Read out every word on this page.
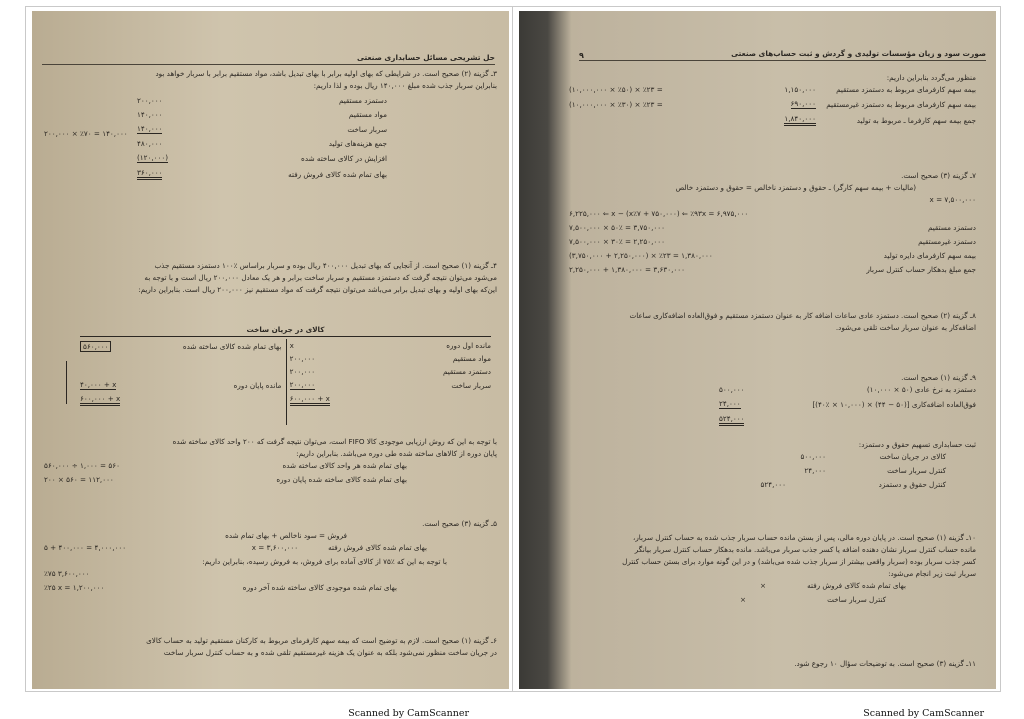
حل تشریحی مسائل حسابداری صنعتی
۳ـ گزینه (۲) صحیح است. در شرایطی که بهای اولیه برابر با بهای تبدیل باشد، مواد مستقیم برابر با سربار خواهد بود
بنابراین سربار جذب شده مبلغ ۱۴۰,۰۰۰ ریال بوده و لذا داریم:
دستمزد مستقیم
۲۰۰,۰۰۰
مواد مستقیم
۱۴۰,۰۰۰
سربار ساخت
۱۴۰,۰۰۰
جمع هزینه‌های تولید
۴۸۰,۰۰۰
افزایش در کالای ساخته شده
(۱۲۰,۰۰۰)
بهای تمام شده کالای فروش رفته
۳۶۰,۰۰۰
۲۰۰,۰۰۰ × ٪۷۰ = ۱۴۰,۰۰۰
۴ـ گزینه (۱) صحیح است. از آنجایی که بهای تبدیل ۴۰۰,۰۰۰ ریال بوده و سربار براساس ٪۱۰۰ دستمزد مستقیم جذب
می‌شود می‌توان نتیجه گرفت که دستمزد مستقیم و سربار ساخت برابر و هر یک معادل ۲۰۰,۰۰۰ ریال است و با توجه به
این‌که بهای اولیه و بهای تبدیل برابر می‌باشد می‌توان نتیجه گرفت که مواد مستقیم نیز ۲۰۰,۰۰۰ ریال است. بنابراین داریم:
کالای در جریان ساخت
مانده اول دوره
x
مواد مستقیم
۲۰۰,۰۰۰
دستمزد مستقیم
۲۰۰,۰۰۰
سربار ساخت
۲۰۰,۰۰۰
۶۰۰,۰۰۰ + x
بهای تمام شده کالای ساخته شده
۵۶۰,۰۰۰
مانده پایان دوره
۴۰,۰۰۰ + x
۶۰۰,۰۰۰ + x
با توجه به این که روش ارزیابی موجودی کالا FIFO است، می‌توان نتیجه گرفت که ۲۰۰ واحد کالای ساخته شده
پایان دوره از کالاهای ساخته شده طی دوره می‌باشد. بنابراین داریم:
بهای تمام شده هر واحد کالای ساخته شده
۵۶۰,۰۰۰ ÷ ۱,۰۰۰ = ۵۶۰
بهای تمام شده کالای ساخته شده پایان دوره
۲۰۰ × ۵۶۰ = ۱۱۲,۰۰۰
۵ـ گزینه (۳) صحیح است.
فروش = سود ناخالص + بهای تمام شده
بهای تمام شده کالای فروش رفته
x = ۳,۶۰۰,۰۰۰
۵ + ۴۰۰,۰۰۰ = ۴,۰۰۰,۰۰۰
با توجه به این که ٪۷۵ از کالای آماده برای فروش، به فروش رسیده، بنابراین داریم:
٪۷۵ ۳,۶۰۰,۰۰۰
بهای تمام شده موجودی کالای ساخته شده آخر دوره
٪۲۵ x = ۱,۲۰۰,۰۰۰
۶ـ گزینه (۱) صحیح است. لازم به توضیح است که بیمه سهم کارفرمای مربوط به کارکنان مستقیم تولید به حساب کالای
در جریان ساخت منظور نمی‌شود بلکه به عنوان یک هزینه غیرمستقیم تلقی شده و به حساب کنترل سربار ساخت
Scanned by CamScanner
صورت سود و زیان مؤسسات تولیدی و گردش و ثبت حساب‌های صنعتی
۹
منظور می‌گردد بنابراین داریم:
بیمه سهم کارفرمای مربوط به دستمزد مستقیم
۱,۱۵۰,۰۰۰
(۱۰,۰۰۰,۰۰۰ × ٪۵۰) × ٪۲۳ =
بیمه سهم کارفرمای مربوط به دستمزد غیرمستقیم
۶۹۰,۰۰۰
(۱۰,۰۰۰,۰۰۰ × ٪۳۰) × ٪۲۳ =
جمع بیمه سهم کارفرما ـ مربوط به تولید
۱,۸۴۰,۰۰۰
۷ـ گزینه (۳) صحیح است.
(مالیات + بیمه سهم کارگر) ـ حقوق و دستمزد ناخالص = حقوق و دستمزد خالص
x = ۷,۵۰۰,۰۰۰
۶,۲۲۵,۰۰۰ ⇐ x − (x٪۷ + ۷۵۰,۰۰۰) ⇐ ٪۹۳x = ۶,۹۷۵,۰۰۰
دستمزد مستقیم
۷,۵۰۰,۰۰۰ × ۵۰٪ = ۳,۷۵۰,۰۰۰
دستمزد غیرمستقیم
۷,۵۰۰,۰۰۰ × ۳۰٪ = ۲,۲۵۰,۰۰۰
بیمه سهم کارفرمای دایره تولید
(۳,۷۵۰,۰۰۰ + ۲,۲۵۰,۰۰۰) × ٪۲۳ = ۱,۳۸۰,۰۰۰
جمع مبلغ بدهکار حساب کنترل سربار
۲,۲۵۰,۰۰۰ + ۱,۳۸۰,۰۰۰ = ۳,۶۳۰,۰۰۰
۸ـ گزینه (۲) صحیح است. دستمزد عادی ساعات اضافه کار به عنوان دستمزد مستقیم و فوق‌العاده اضافه‌کاری ساعات
اضافه‌کار به عنوان سربار ساخت تلقی می‌شود.
۹ـ گزینه (۱) صحیح است.
دستمزد به نرخ عادی (۵۰ × ۱۰,۰۰۰)
۵۰۰,۰۰۰
فوق‌العاده اضافه‌کاری [(۵۰ − ۴۴) × (۱۰,۰۰۰ × ٪۴۰)]
۲۴,۰۰۰
۵۲۴,۰۰۰
ثبت حسابداری تسهیم حقوق و دستمزد:
کالای در جریان ساخت
۵۰۰,۰۰۰
کنترل سربار ساخت
۲۴,۰۰۰
کنترل حقوق و دستمزد
۵۲۴,۰۰۰
۱۰ـ گزینه (۱) صحیح است. در پایان دوره مالی، پس از بستن مانده حساب سربار جذب شده به حساب کنترل سربار،
مانده حساب کنترل سربار نشان دهنده اضافه یا کسر جذب سربار می‌باشد. مانده بدهکار حساب کنترل سربار بیانگر
کسر جذب سربار بوده (سربار واقعی بیشتر از سربار جذب شده می‌باشد) و در این گونه موارد برای بستن حساب کنترل
سربار ثبت زیر انجام می‌شود:
بهای تمام شده کالای فروش رفته
×
کنترل سربار ساخت
×
۱۱ـ گزینه (۳) صحیح است. به توضیحات سؤال ۱۰ رجوع شود.
Scanned by CamScanner
